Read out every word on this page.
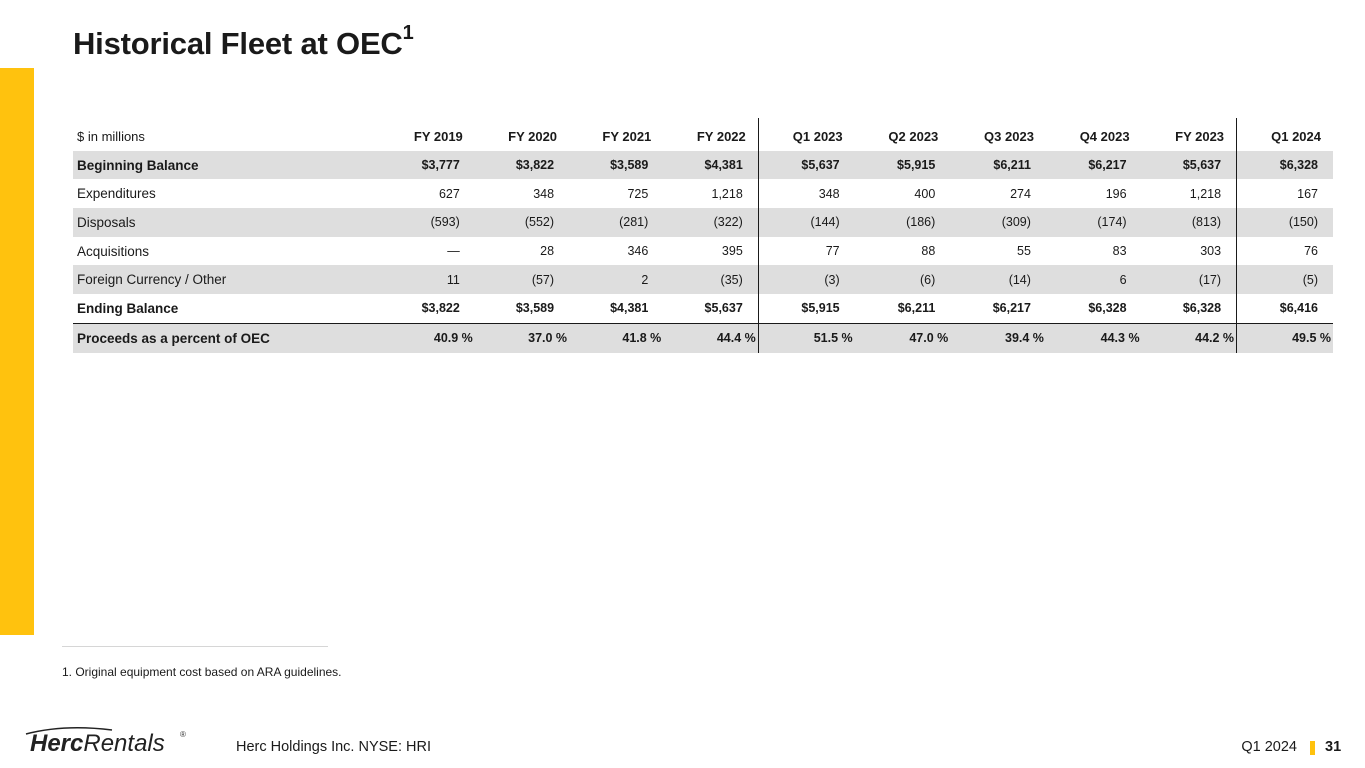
Historical Fleet at OEC$^1$
$ in millions	FY 2019	FY 2020	FY 2021	FY 2022	Q1 2023	Q2 2023	Q3 2023	Q4 2023	FY 2023	Q1 2024
Beginning Balance	$3,777	$3,822	$3,589	$4,381	$5,637	$5,915	$6,211	$6,217	$5,637	$6,328
Expenditures	627	348	725	1,218	348	400	274	196	1,218	167
Disposals	(593)	(552)	(281)	(322)	(144)	(186)	(309)	(174)	(813)	(150)
Acquisitions	—	28	346	395	77	88	55	83	303	76
Foreign Currency / Other	11	(57)	2	(35)	(3)	(6)	(14)	6	(17)	(5)
Ending Balance	$3,822	$3,589	$4,381	$5,637	$5,915	$6,211	$6,217	$6,328	$6,328	$6,416
Proceeds as a percent of OEC	40.9 %	37.0 %	41.8 %	44.4 %	51.5 %	47.0 %	39.4 %	44.3 %	44.2 %	49.5 %
1. Original equipment cost based on ARA guidelines.
HercRentals ®
Herc Holdings Inc. NYSE: HRI	Q1 2024 31
